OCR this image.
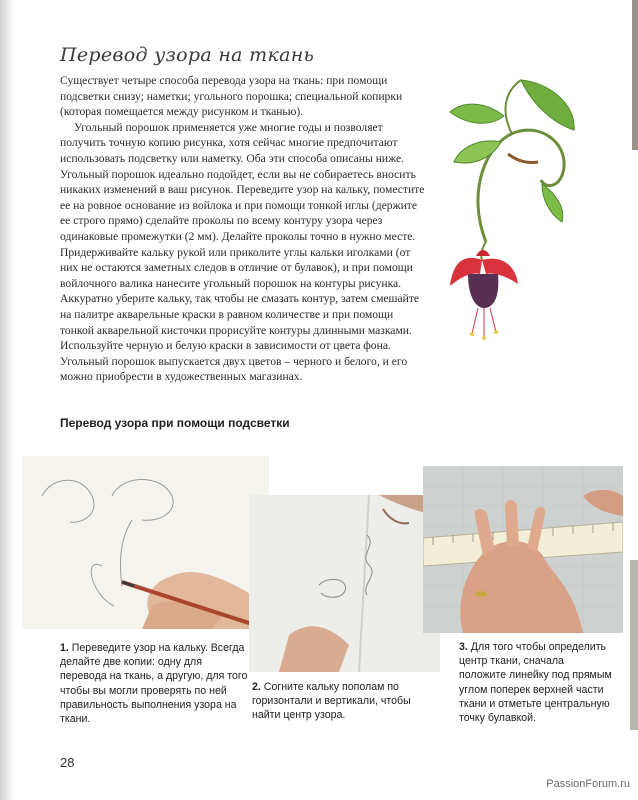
Перевод узора на ткань

Существует четыре способа перевода узора на ткань: при помощи подсветки снизу; наметки; угольного порошка; специальной копирки (которая помещается между рисунком и тканью).

Угольный порошок применяется уже многие годы и позволяет получить точную копию рисунка, хотя сейчас многие предпочитают использовать подсветку или наметку. Оба эти способа описаны ниже. Угольный порошок идеально подойдет, если вы не собираетесь вносить никаких изменений в ваш рисунок. Переведите узор на кальку, поместите ее на ровное основание из войлока и при помощи тонкой иглы (держите ее строго прямо) сделайте проколы по всему контуру узора через одинаковые промежутки (2 мм). Делайте проколы точно в нужно месте. Придерживайте кальку рукой или приколите углы кальки иголками (от них не остаются заметных следов в отличие от булавок), и при помощи войлочного валика нанесите угольный порошок на контуры рисунка. Аккуратно уберите кальку, так чтобы не смазать контур, затем смешайте на палитре акварельные краски в равном количестве и при помощи тонкой акварельной кисточки прорисуйте контуры длинными мазками. Используйте черную и белую краски в зависимости от цвета фона. Угольный порошок выпускается двух цветов – черного и белого, и его можно приобрести в художественных магазинах.

Перевод узора при помощи подсветки

1. Переведите узор на кальку. Всегда делайте две копии: одну для перевода на ткань, а другую, для того чтобы вы могли проверять по ней правильность выполнения узора на ткани.

2. Согните кальку пополам по горизонтали и вертикали, чтобы найти центр узора.

3. Для того чтобы определить центр ткани, сначала положите линейку под прямым углом поперек верхней части ткани и отметьте центральную точку булавкой.

28

PassionForum.ru
